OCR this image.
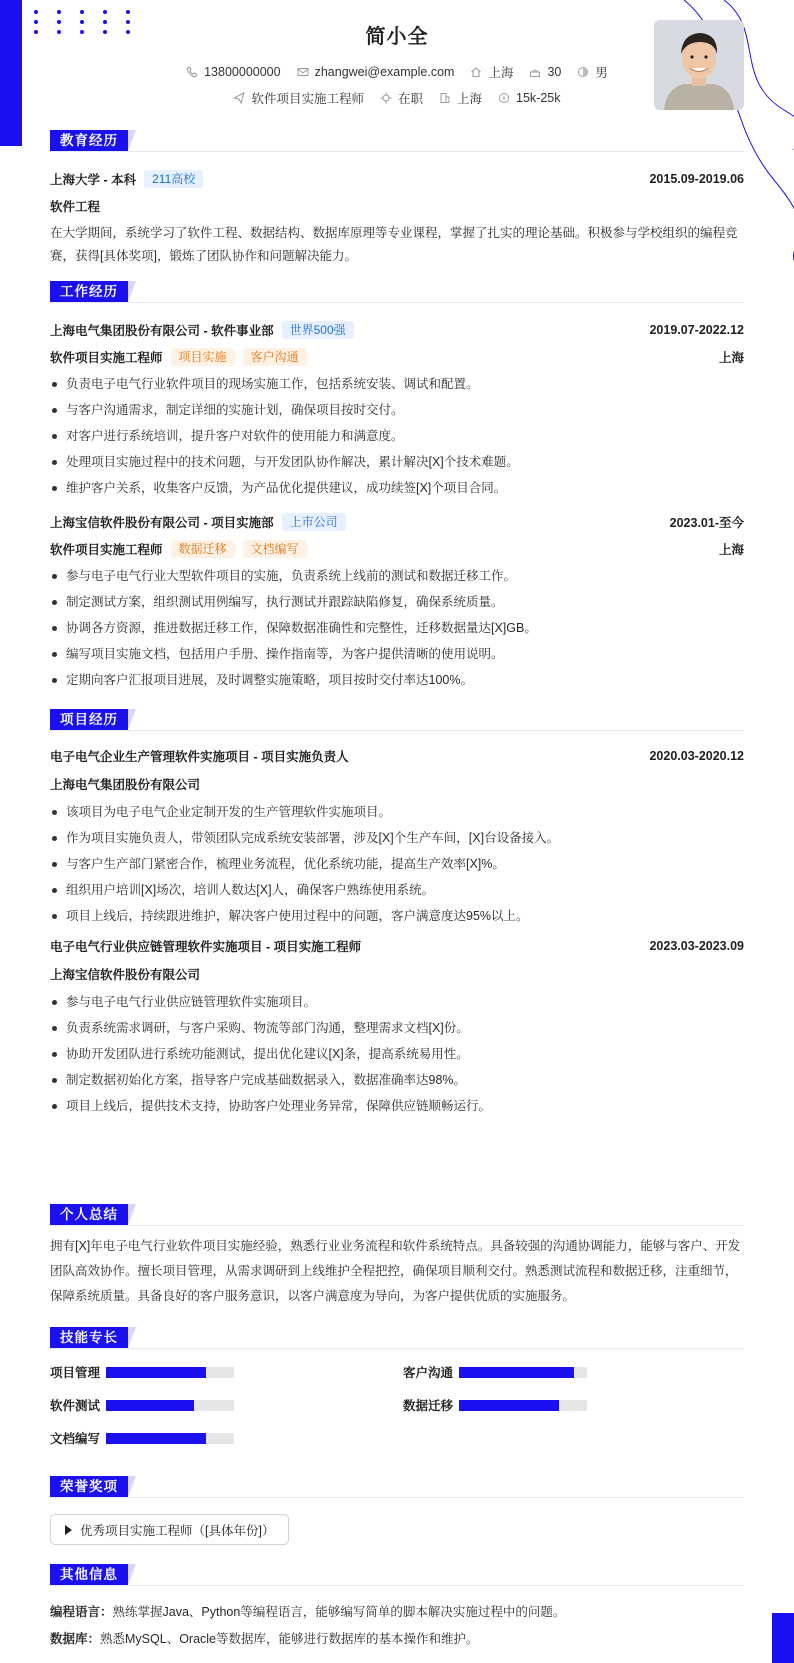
简小全
13800000000	zhangwei@example.com	上海	30	男
软件项目实施工程师	在职	上海	15k-25k
教育经历
上海大学 - 本科	211高校	2015.09-2019.06
软件工程
在大学期间，系统学习了软件工程、数据结构、数据库原理等专业课程，掌握了扎实的理论基础。积极参与学校组织的编程竞赛，获得[具体奖项]，锻炼了团队协作和问题解决能力。
工作经历
上海电气集团股份有限公司 - 软件事业部	世界500强	2019.07-2022.12
软件项目实施工程师	项目实施	客户沟通	上海
负责电子电气行业软件项目的现场实施工作，包括系统安装、调试和配置。
与客户沟通需求，制定详细的实施计划，确保项目按时交付。
对客户进行系统培训，提升客户对软件的使用能力和满意度。
处理项目实施过程中的技术问题，与开发团队协作解决，累计解决[X]个技术难题。
维护客户关系，收集客户反馈，为产品优化提供建议，成功续签[X]个项目合同。
上海宝信软件股份有限公司 - 项目实施部	上市公司	2023.01-至今
软件项目实施工程师	数据迁移	文档编写	上海
参与电子电气行业大型软件项目的实施，负责系统上线前的测试和数据迁移工作。
制定测试方案，组织测试用例编写，执行测试并跟踪缺陷修复，确保系统质量。
协调各方资源，推进数据迁移工作，保障数据准确性和完整性，迁移数据量达[X]GB。
编写项目实施文档，包括用户手册、操作指南等，为客户提供清晰的使用说明。
定期向客户汇报项目进展，及时调整实施策略，项目按时交付率达100%。
项目经历
电子电气企业生产管理软件实施项目 - 项目实施负责人	2020.03-2020.12
上海电气集团股份有限公司
该项目为电子电气企业定制开发的生产管理软件实施项目。
作为项目实施负责人，带领团队完成系统安装部署，涉及[X]个生产车间，[X]台设备接入。
与客户生产部门紧密合作，梳理业务流程，优化系统功能，提高生产效率[X]%。
组织用户培训[X]场次，培训人数达[X]人，确保客户熟练使用系统。
项目上线后，持续跟进维护，解决客户使用过程中的问题，客户满意度达95%以上。
电子电气行业供应链管理软件实施项目 - 项目实施工程师	2023.03-2023.09
上海宝信软件股份有限公司
参与电子电气行业供应链管理软件实施项目。
负责系统需求调研，与客户采购、物流等部门沟通，整理需求文档[X]份。
协助开发团队进行系统功能测试，提出优化建议[X]条，提高系统易用性。
制定数据初始化方案，指导客户完成基础数据录入，数据准确率达98%。
项目上线后，提供技术支持，协助客户处理业务异常，保障供应链顺畅运行。
个人总结
拥有[X]年电子电气行业软件项目实施经验，熟悉行业业务流程和软件系统特点。具备较强的沟通协调能力，能够与客户、开发团队高效协作。擅长项目管理，从需求调研到上线维护全程把控，确保项目顺利交付。熟悉测试流程和数据迁移，注重细节，保障系统质量。具备良好的客户服务意识，以客户满意度为导向，为客户提供优质的实施服务。
技能专长
项目管理	客户沟通
软件测试	数据迁移
文档编写
荣誉奖项
优秀项目实施工程师（[具体年份]）
其他信息
编程语言：熟练掌握Java、Python等编程语言，能够编写简单的脚本解决实施过程中的问题。
数据库：熟悉MySQL、Oracle等数据库，能够进行数据库的基本操作和维护。
